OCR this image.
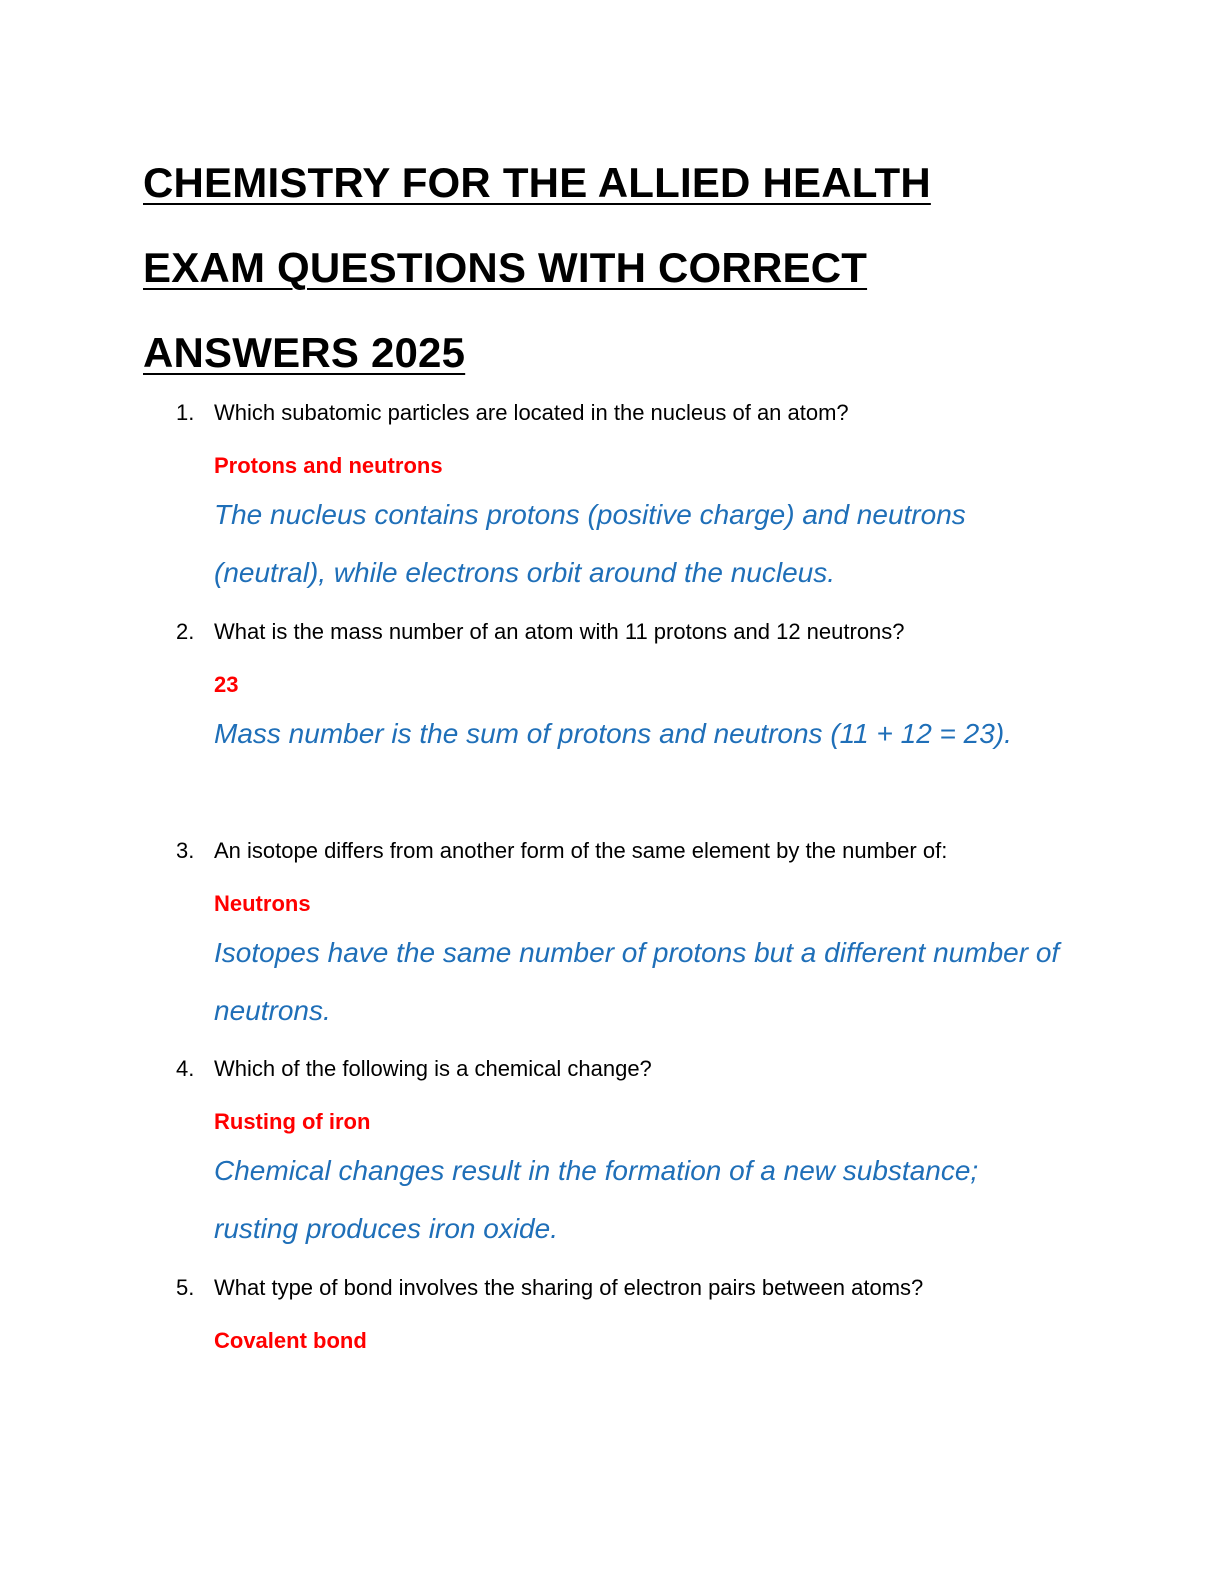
CHEMISTRY FOR THE ALLIED HEALTH
EXAM QUESTIONS WITH CORRECT
ANSWERS 2025
1. Which subatomic particles are located in the nucleus of an atom?
Protons and neutrons
The nucleus contains protons (positive charge) and neutrons (neutral), while electrons orbit around the nucleus.
2. What is the mass number of an atom with 11 protons and 12 neutrons?
23
Mass number is the sum of protons and neutrons (11 + 12 = 23).
3. An isotope differs from another form of the same element by the number of:
Neutrons
Isotopes have the same number of protons but a different number of neutrons.
4. Which of the following is a chemical change?
Rusting of iron
Chemical changes result in the formation of a new substance; rusting produces iron oxide.
5. What type of bond involves the sharing of electron pairs between atoms?
Covalent bond
